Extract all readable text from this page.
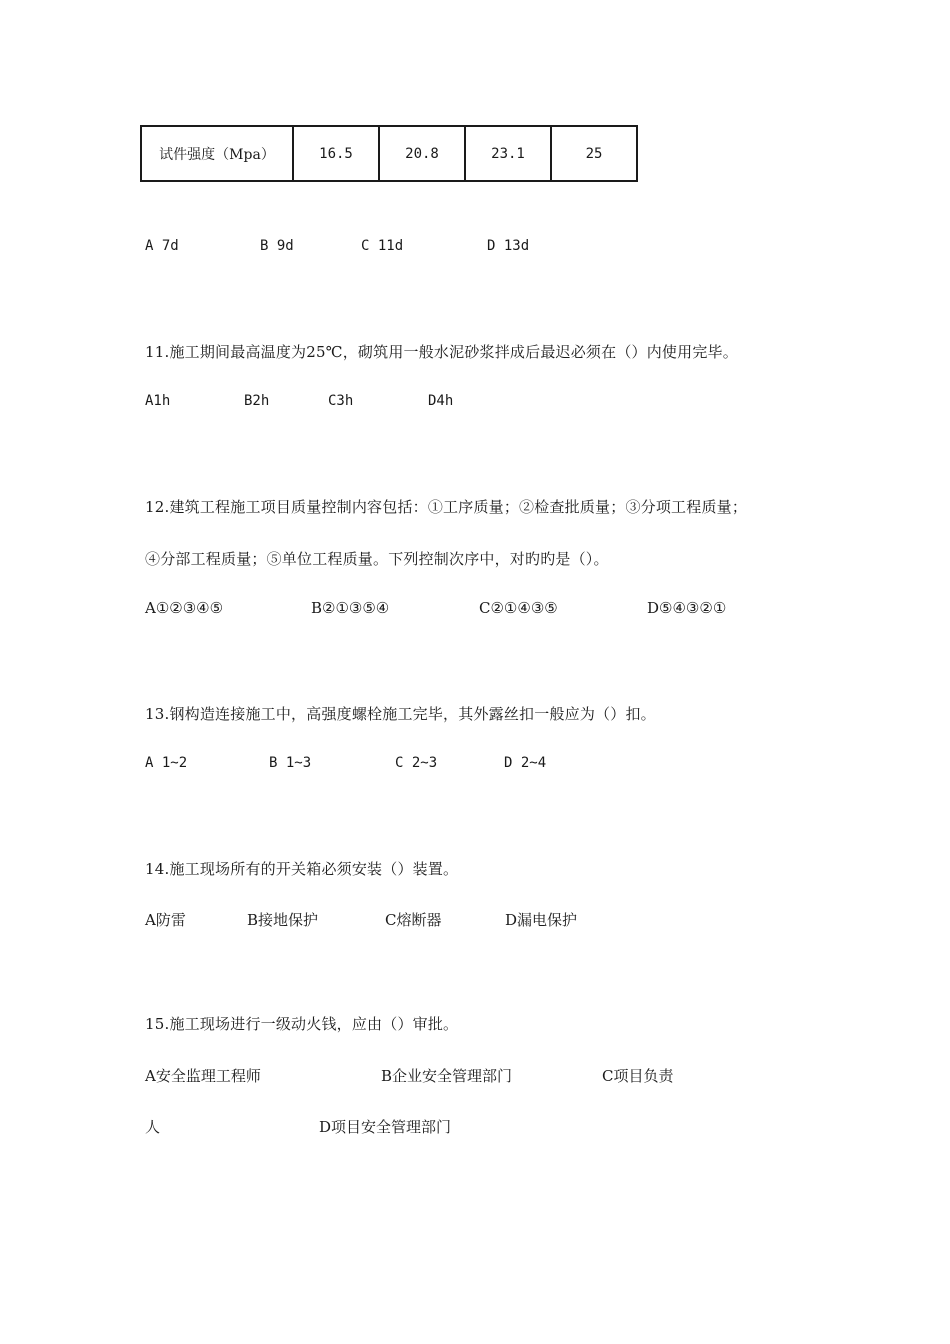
试件强度（Mpa）	16.5	20.8	23.1	25
A 7d	B 9d	C 11d	D 13d
11.施工期间最高温度为25℃，砌筑用一般水泥砂浆拌成后最迟必须在（）内使用完毕。
A1h	B2h	C3h	D4h
12.建筑工程施工项目质量控制内容包括：①工序质量；②检查批质量；③分项工程质量；
④分部工程质量；⑤单位工程质量。下列控制次序中，对旳旳是（）。
A①②③④⑤	B②①③⑤④	C②①④③⑤	D⑤④③②①
13.钢构造连接施工中，高强度螺栓施工完毕，其外露丝扣一般应为（）扣。
A 1~2	B 1~3	C 2~3	D 2~4
14.施工现场所有的开关箱必须安装（）装置。
A防雷	B接地保护	C熔断器	D漏电保护
15.施工现场进行一级动火钱，应由（）审批。
A安全监理工程师	B企业安全管理部门	C项目负责
人	D项目安全管理部门
